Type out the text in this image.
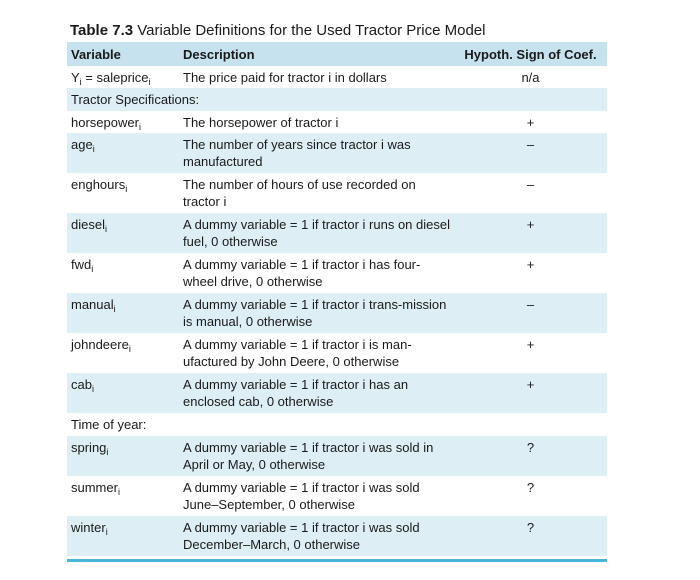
Table 7.3 Variable Definitions for the Used Tractor Price Model
Variable	Description	Hypoth. Sign of Coef.
$Y_i$ = saleprice$_i$	The price paid for tractor i in dollars	n/a
Tractor Specifications:		
horsepower$_i$	The horsepower of tractor i	+
age$_i$	The number of years since tractor i was manufactured	–
enghours$_i$	The number of hours of use recorded on tractor i	–
diesel$_i$	A dummy variable = 1 if tractor i runs on diesel fuel, 0 otherwise	+
fwd$_i$	A dummy variable = 1 if tractor i has four-wheel drive, 0 otherwise	+
manual$_i$	A dummy variable = 1 if tractor i trans-mission is manual, 0 otherwise	–
johndeere$_i$	A dummy variable = 1 if tractor i is man-ufactured by John Deere, 0 otherwise	+
cab$_i$	A dummy variable = 1 if tractor i has an enclosed cab, 0 otherwise	+
Time of year:		
spring$_i$	A dummy variable = 1 if tractor i was sold in April or May, 0 otherwise	?
summer$_i$	A dummy variable = 1 if tractor i was sold June–September, 0 otherwise	?
winter$_i$	A dummy variable = 1 if tractor i was sold December–March, 0 otherwise	?
